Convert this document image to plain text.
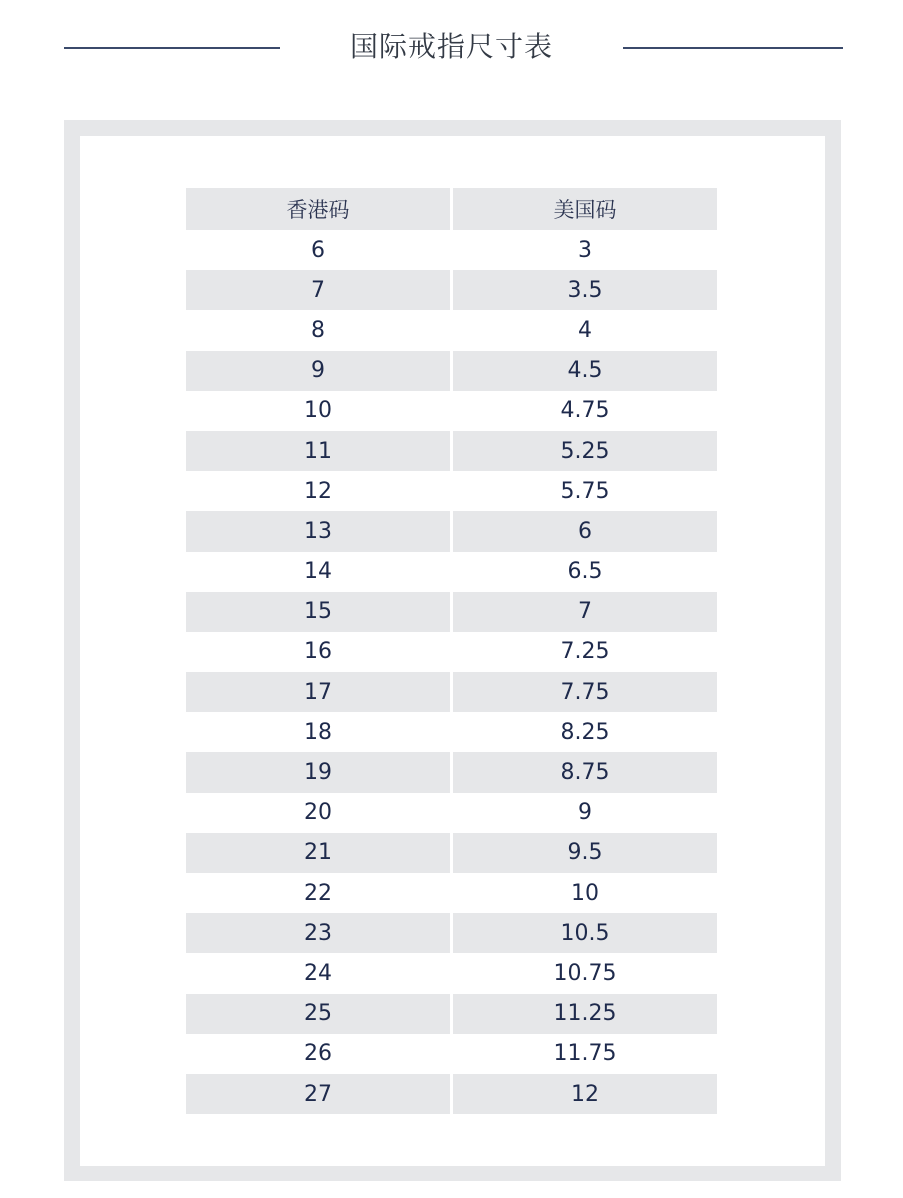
国际戒指尺寸表
香港码	美国码
6	3
7	3.5
8	4
9	4.5
10	4.75
11	5.25
12	5.75
13	6
14	6.5
15	7
16	7.25
17	7.75
18	8.25
19	8.75
20	9
21	9.5
22	10
23	10.5
24	10.75
25	11.25
26	11.75
27	12
